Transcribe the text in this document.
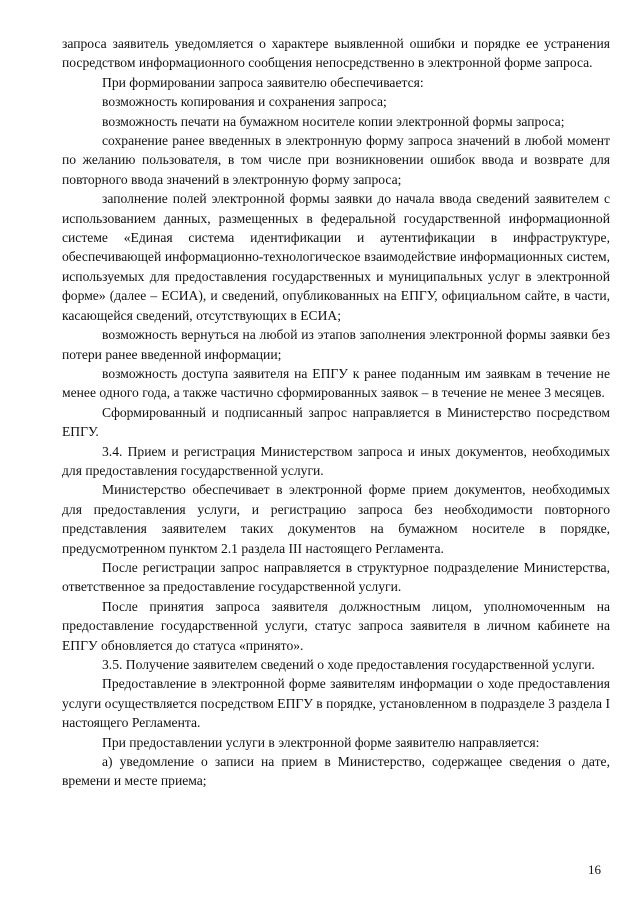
запроса заявитель уведомляется о характере выявленной ошибки и порядке ее устранения посредством информационного сообщения непосредственно в электронной форме запроса.

При формировании запроса заявителю обеспечивается:

возможность копирования и сохранения запроса;

возможность печати на бумажном носителе копии электронной формы запроса;

сохранение ранее введенных в электронную форму запроса значений в любой момент по желанию пользователя, в том числе при возникновении ошибок ввода и возврате для повторного ввода значений в электронную форму запроса;

заполнение полей электронной формы заявки до начала ввода сведений заявителем с использованием данных, размещенных в федеральной государственной информационной системе «Единая система идентификации и аутентификации в инфраструктуре, обеспечивающей информационно-технологическое взаимодействие информационных систем, используемых для предоставления государственных и муниципальных услуг в электронной форме» (далее – ЕСИА), и сведений, опубликованных на ЕПГУ, официальном сайте, в части, касающейся сведений, отсутствующих в ЕСИА;

возможность вернуться на любой из этапов заполнения электронной формы заявки без потери ранее введенной информации;

возможность доступа заявителя на ЕПГУ к ранее поданным им заявкам в течение не менее одного года, а также частично сформированных заявок – в течение не менее 3 месяцев.

Сформированный и подписанный запрос направляется в Министерство посредством ЕПГУ.

3.4. Прием и регистрация Министерством запроса и иных документов, необходимых для предоставления государственной услуги.

Министерство обеспечивает в электронной форме прием документов, необходимых для предоставления услуги, и регистрацию запроса без необходимости повторного представления заявителем таких документов на бумажном носителе в порядке, предусмотренном пунктом 2.1 раздела III настоящего Регламента.

После регистрации запрос направляется в структурное подразделение Министерства, ответственное за предоставление государственной услуги.

После принятия запроса заявителя должностным лицом, уполномоченным на предоставление государственной услуги, статус запроса заявителя в личном кабинете на ЕПГУ обновляется до статуса «принято».

3.5. Получение заявителем сведений о ходе предоставления государственной услуги.

Предоставление в электронной форме заявителям информации о ходе предоставления услуги осуществляется посредством ЕПГУ в порядке, установленном в подразделе 3 раздела I настоящего Регламента.

При предоставлении услуги в электронной форме заявителю направляется:

а) уведомление о записи на прием в Министерство, содержащее сведения о дате, времени и месте приема;

16
